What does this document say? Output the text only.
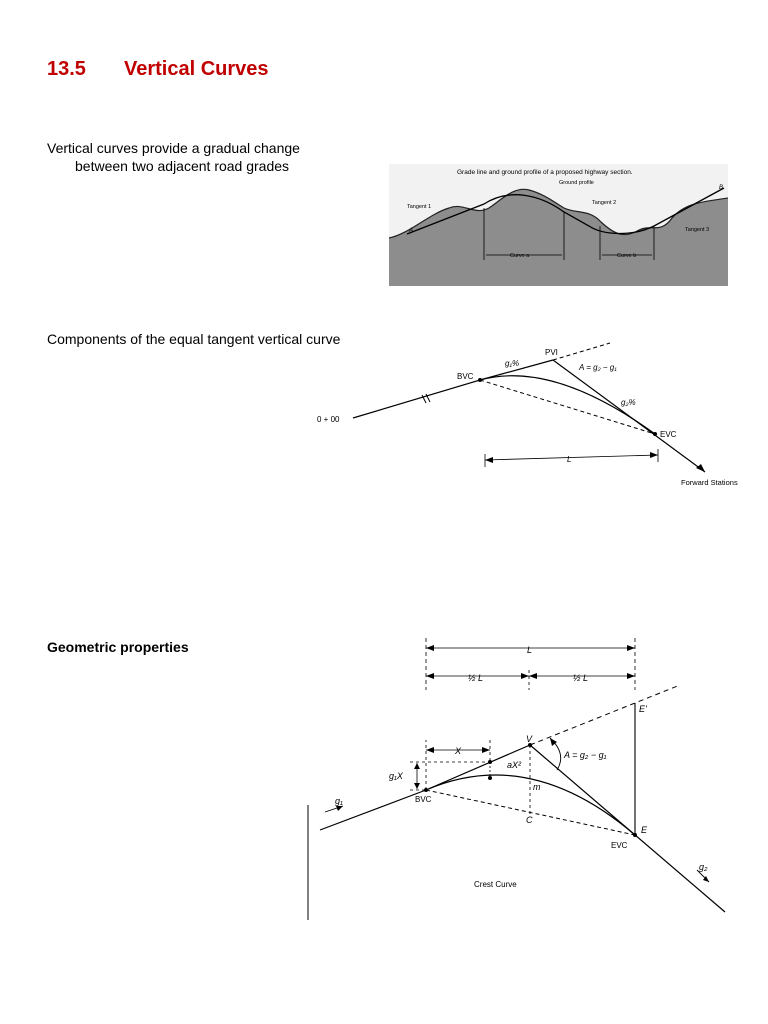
13.5 Vertical Curves
Vertical curves provide a gradual change
between two adjacent road grades	Grade line and ground profile of a proposed highway section.
Ground profile
Tangent 1
Tangent 2
Tangent 3
A
B
Curve a	Curve b
Components of the equal tangent vertical curve
PVI
BVC
EVC
g₁%
g₂%
A = g₂ − g₁
0 + 00
L
Forward Stations
Geometric properties	L
½ L	½ L
X
aX²
g₁X
V
A = g₂ − g₁
E'
m
C
E
BVC
EVC
g₁
g₂
Crest Curve
